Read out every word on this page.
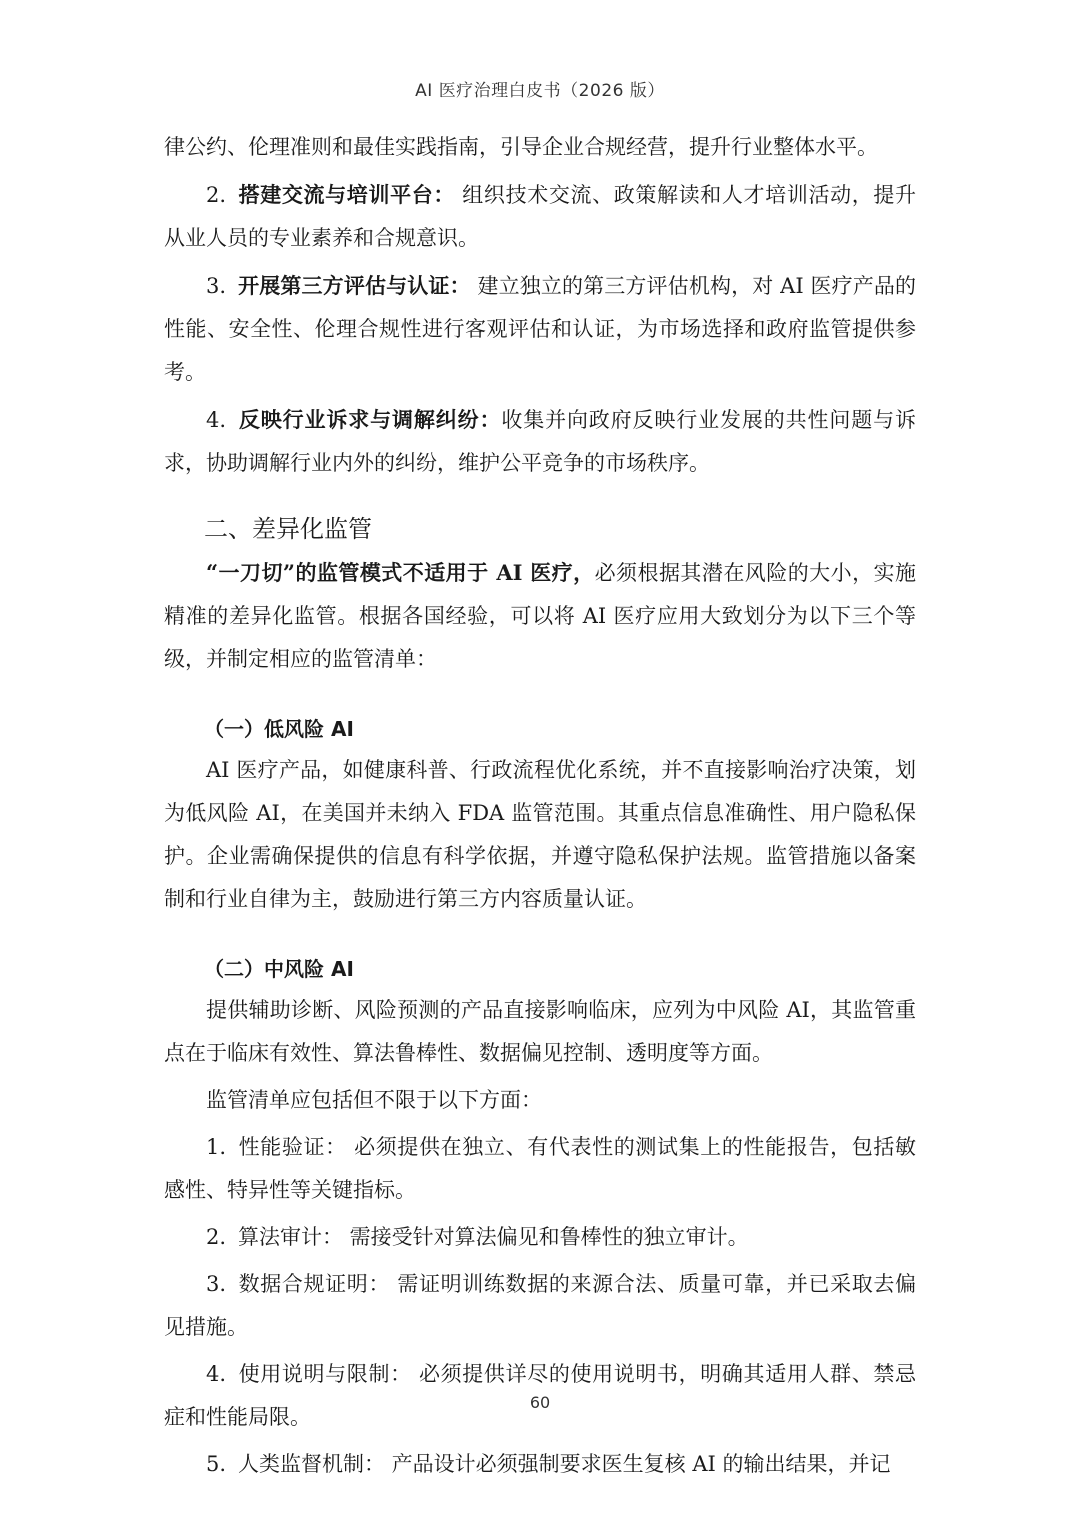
AI 医疗治理白皮书（2026 版）

律公约、伦理准则和最佳实践指南，引导企业合规经营，提升行业整体水平。

2. 搭建交流与培训平台： 组织技术交流、政策解读和人才培训活动，提升从业人员的专业素养和合规意识。

3. 开展第三方评估与认证： 建立独立的第三方评估机构，对 AI 医疗产品的性能、安全性、伦理合规性进行客观评估和认证，为市场选择和政府监管提供参考。

4. 反映行业诉求与调解纠纷：收集并向政府反映行业发展的共性问题与诉求，协助调解行业内外的纠纷，维护公平竞争的市场秩序。

二、差异化监管

“一刀切”的监管模式不适用于 AI 医疗，必须根据其潜在风险的大小，实施精准的差异化监管。根据各国经验，可以将 AI 医疗应用大致划分为以下三个等级，并制定相应的监管清单：

（一）低风险 AI

AI 医疗产品，如健康科普、行政流程优化系统，并不直接影响治疗决策，划为低风险 AI，在美国并未纳入 FDA 监管范围。其重点信息准确性、用户隐私保护。企业需确保提供的信息有科学依据，并遵守隐私保护法规。监管措施以备案制和行业自律为主，鼓励进行第三方内容质量认证。

（二）中风险 AI

提供辅助诊断、风险预测的产品直接影响临床，应列为中风险 AI，其监管重点在于临床有效性、算法鲁棒性、数据偏见控制、透明度等方面。

监管清单应包括但不限于以下方面：

1. 性能验证： 必须提供在独立、有代表性的测试集上的性能报告，包括敏感性、特异性等关键指标。

2. 算法审计： 需接受针对算法偏见和鲁棒性的独立审计。

3. 数据合规证明： 需证明训练数据的来源合法、质量可靠，并已采取去偏见措施。

4. 使用说明与限制： 必须提供详尽的使用说明书，明确其适用人群、禁忌症和性能局限。

5. 人类监督机制： 产品设计必须强制要求医生复核 AI 的输出结果，并记

60
